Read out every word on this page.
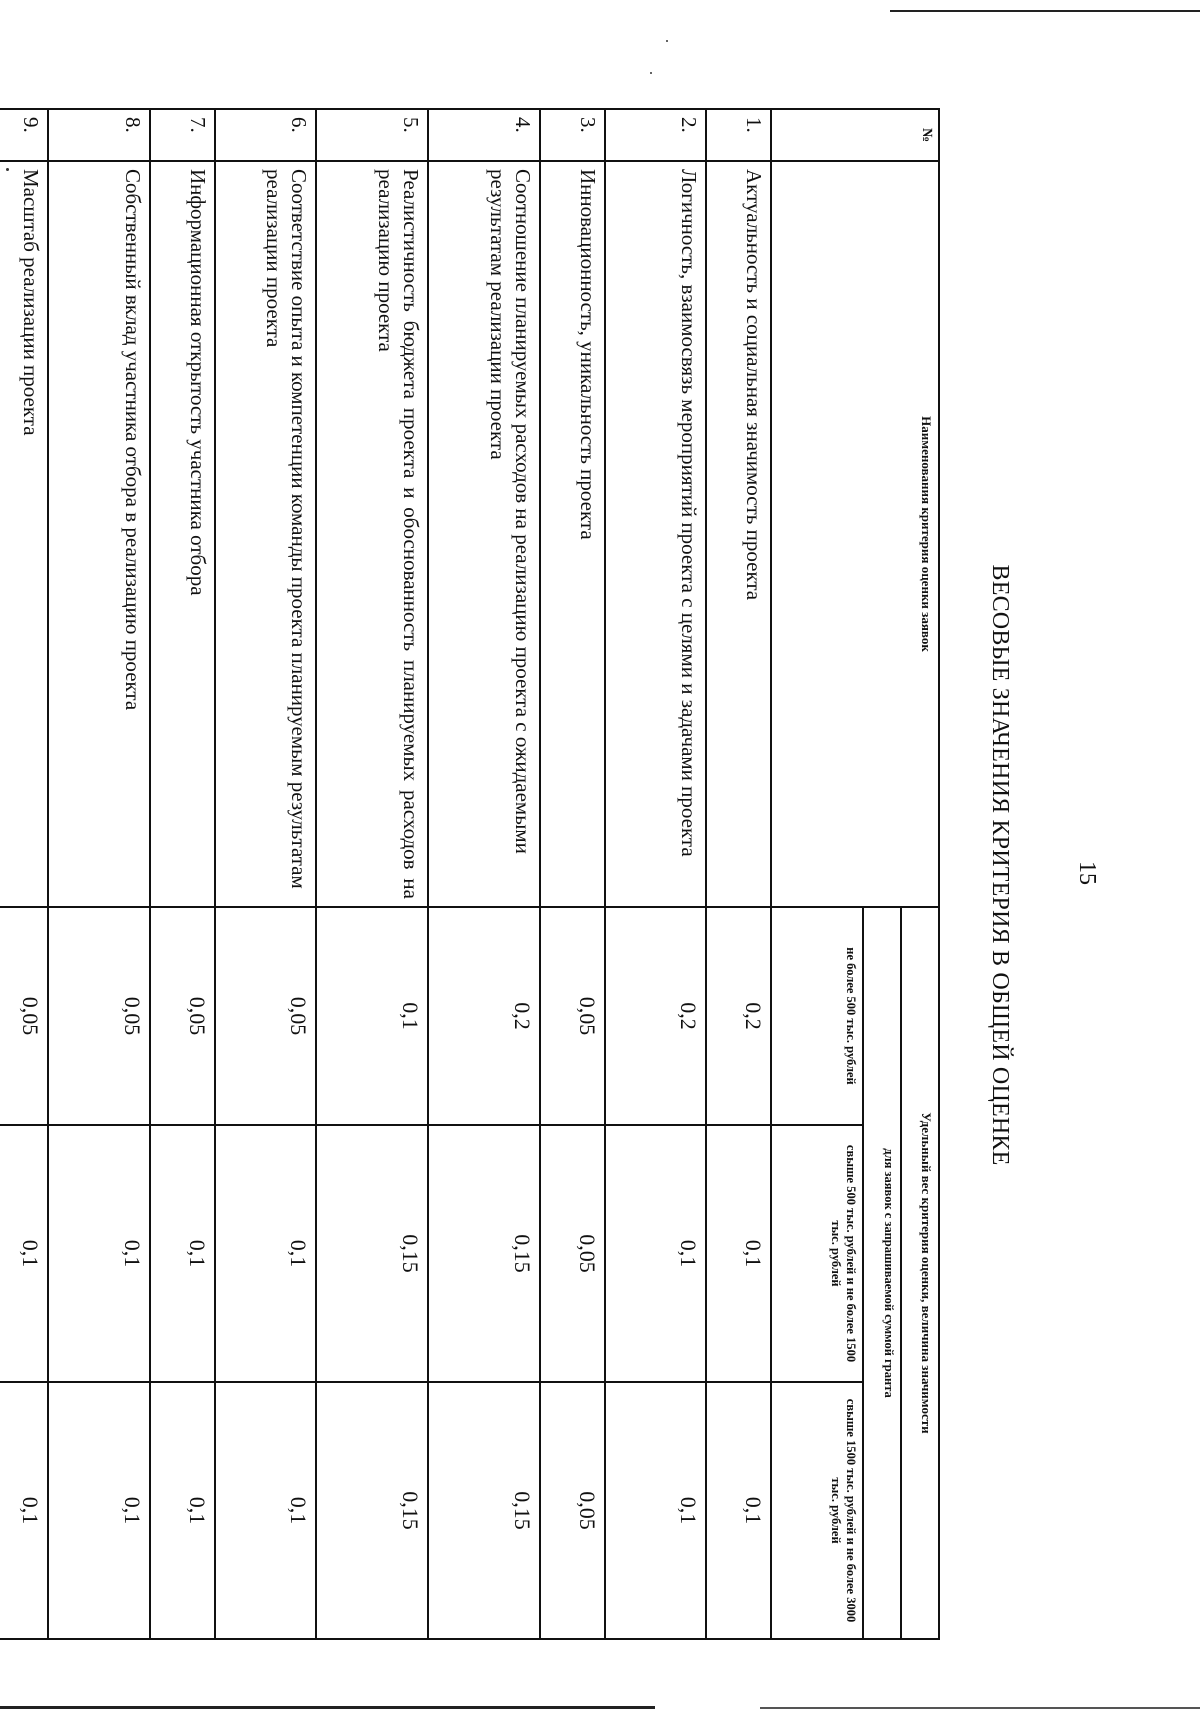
15
ВЕСОВЫЕ ЗНАЧЕНИЯ КРИТЕРИЯ В ОБЩЕЙ ОЦЕНКЕ
№	Наименования критерия оценки заявок	Удельный вес критерия оценки, величина значимости		
		для заявок с запрашиваемой суммой гранта		
		не более 500 тыс. рублей	свыше 500 тыс. рублей и не более 1500 тыс. рублей	свыше 1500 тыс. рублей и не более 3000 тыс. рублей
1.	Актуальность и социальная значимость проекта	0,2	0,1	0,1
2.	Логичность, взаимосвязь мероприятий проекта с целями и задачами проекта	0,2	0,1	0,1
3.	Инновационность, уникальность проекта	0,05	0,05	0,05
4.	Соотношение планируемых расходов на реализацию проекта с ожидаемыми результатам реализации проекта	0,2	0,15	0,15
5.	Реалистичность бюджета проекта и обоснованность планируемых расходов на реализацию проекта	0,1	0,15	0,15
6.	Соответствие опыта и компетенции команды проекта планируемым результатам реализации проекта	0,05	0,1	0,1
7.	Информационная открытость участника отбора	0,05	0,1	0,1
8.	Собственный вклад участника отбора в реализацию проекта	0,05	0,1	0,1
9.	Масштаб реализации проекта	0,05	0,1	0,1
